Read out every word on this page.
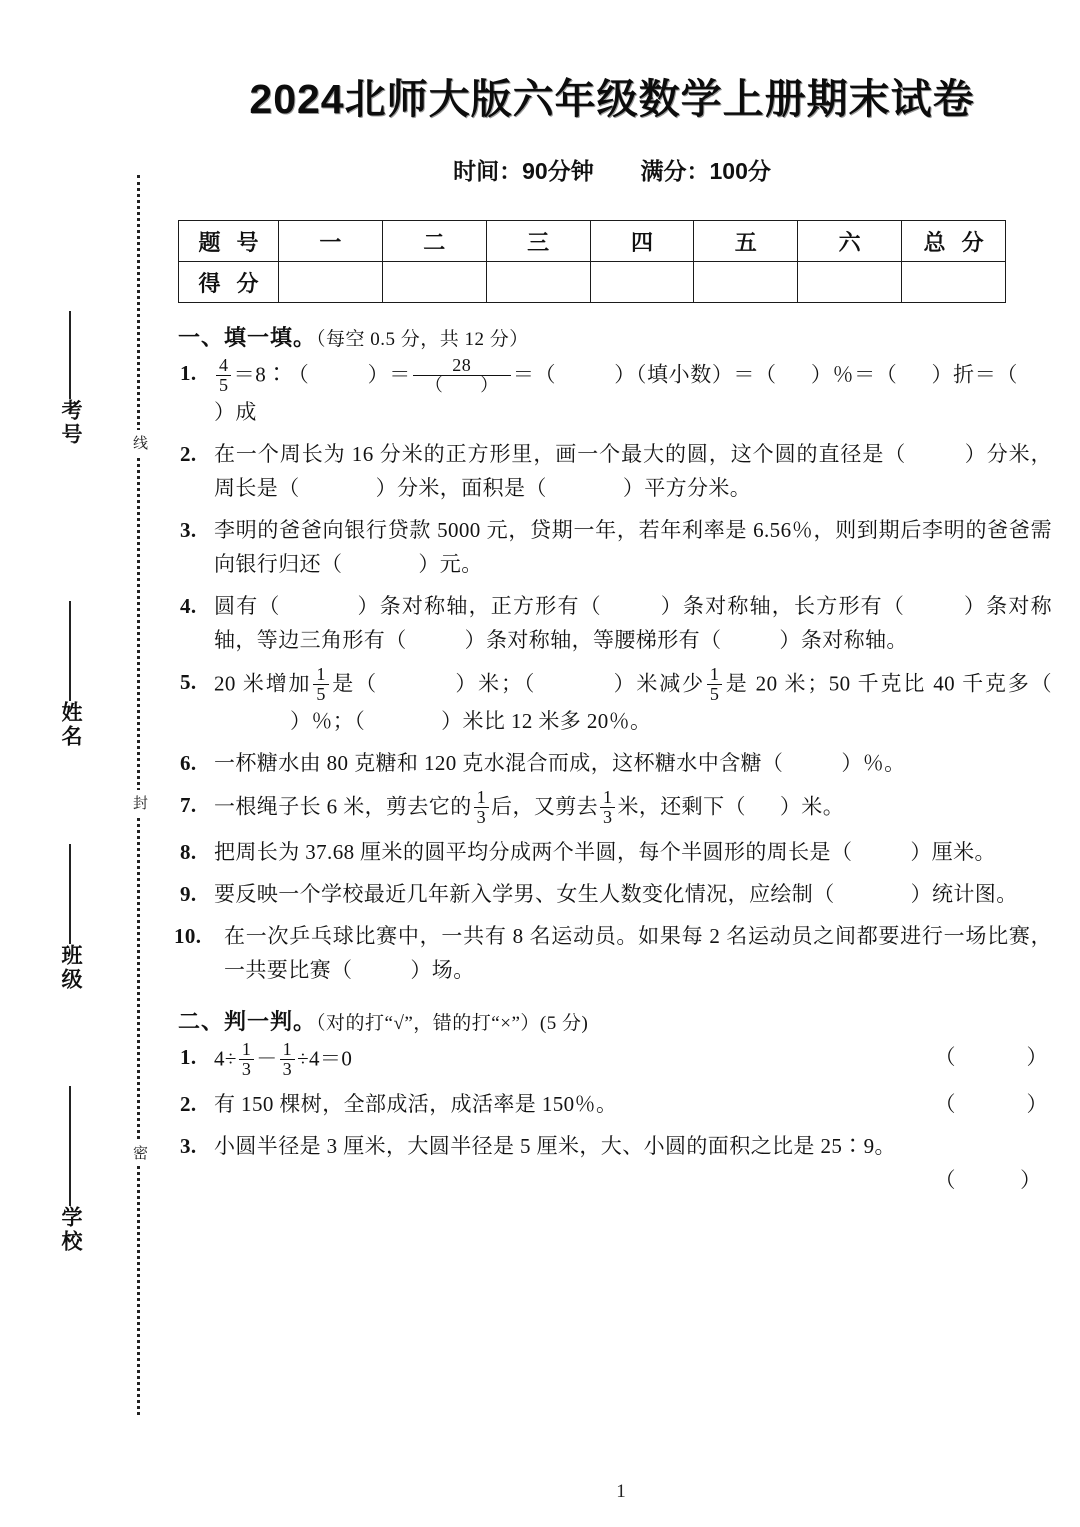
线
封
密
考号
姓名
班级
学校
2024北师大版六年级数学上册期末试卷
时间：90分钟 满分：100分
题 号	一	二	三	四	五	六	总 分
得 分							
一、填一填。（每空 0.5 分，共 12 分）
1. $\frac{4}{5}$ ＝8∶（	）＝ $\frac{28}{( )}$ ＝（	）（填小数）＝（ ）％＝（ ）折＝（）成
2. 在一个周长为 16 分米的正方形里，画一个最大的圆，这个圆的直径是（	）分米，周长是（	）分米，面积是（	）平方分米。
3. 李明的爸爸向银行贷款 5000 元，贷期一年，若年利率是 6.56％，则到期后李明的爸爸需向银行归还（	）元。
4. 圆有（	）条对称轴，正方形有（	）条对称轴，长方形有（	）条对称轴，等边三角形有（	）条对称轴，等腰梯形有（	）条对称轴。
5. 20 米增加 $\frac{1}{5}$ 是（	）米；（	）米减少 $\frac{1}{5}$ 是 20 米；50 千克比 40 千克多（）％；（	）米比 12 米多 20％。
6. 一杯糖水由 80 克糖和 120 克水混合而成，这杯糖水中含糖（	）％。
7. 一根绳子长 6 米，剪去它的 $\frac{1}{3}$ 后，又剪去 $\frac{1}{3}$ 米，还剩下（ ）米。
8. 把周长为 37.68 厘米的圆平均分成两个半圆，每个半圆形的周长是（	）厘米。
9. 要反映一个学校最近几年新入学男、女生人数变化情况，应绘制（	）统计图。
10. 在一次乒乓球比赛中，一共有 8 名运动员。如果每 2 名运动员之间都要进行一场比赛，一共要比赛（	）场。
二、判一判。（对的打“√”，错的打“×”）(5 分)
1. $4\div \frac{1}{3} - \frac{1}{3} \div 4=0$	（　　　）
2. 有 150 棵树，全部成活，成活率是 150％。	（　　　）
3. 小圆半径是 3 厘米，大圆半径是 5 厘米，大、小圆的面积之比是 25∶9。
（　　　）
1
